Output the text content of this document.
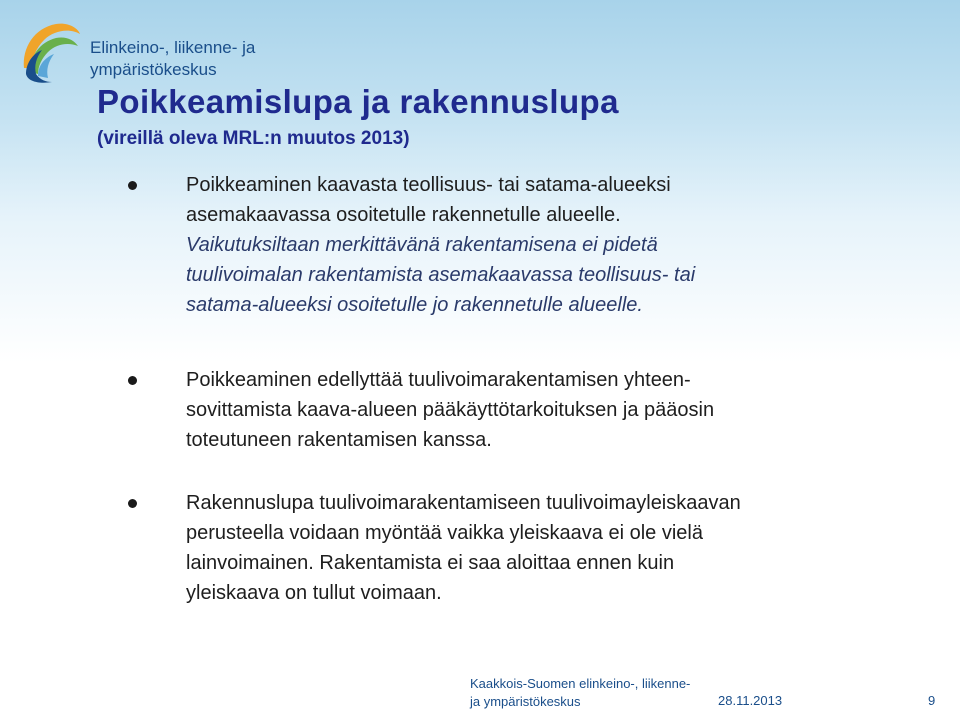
Elinkeino-, liikenne- ja
ympäristökeskus
Poikkeamislupa ja rakennuslupa
(vireillä oleva MRL:n muutos 2013)

Poikkeaminen kaavasta teollisuus- tai satama-alueeksi
asemakaavassa osoitetulle rakennetulle alueelle.

Vaikutuksiltaan merkittävänä rakentamisena ei pidetä
tuulivoimalan rakentamista asemakaavassa teollisuus- tai
satama-alueeksi osoitetulle jo rakennetulle alueelle.

Poikkeaminen edellyttää tuulivoimarakentamisen yhteen-
sovittamista kaava-alueen pääkäyttötarkoituksen ja pääosin
toteutuneen rakentamisen kanssa.

Rakennuslupa tuulivoimarakentamiseen tuulivoimayleiskaavan
perusteella voidaan myöntää vaikka yleiskaava ei ole vielä
lainvoimainen. Rakentamista ei saa aloittaa ennen kuin
yleiskaava on tullut voimaan.

Kaakkois-Suomen elinkeino-, liikenne-
ja ympäristökeskus	28.11.2013	9
